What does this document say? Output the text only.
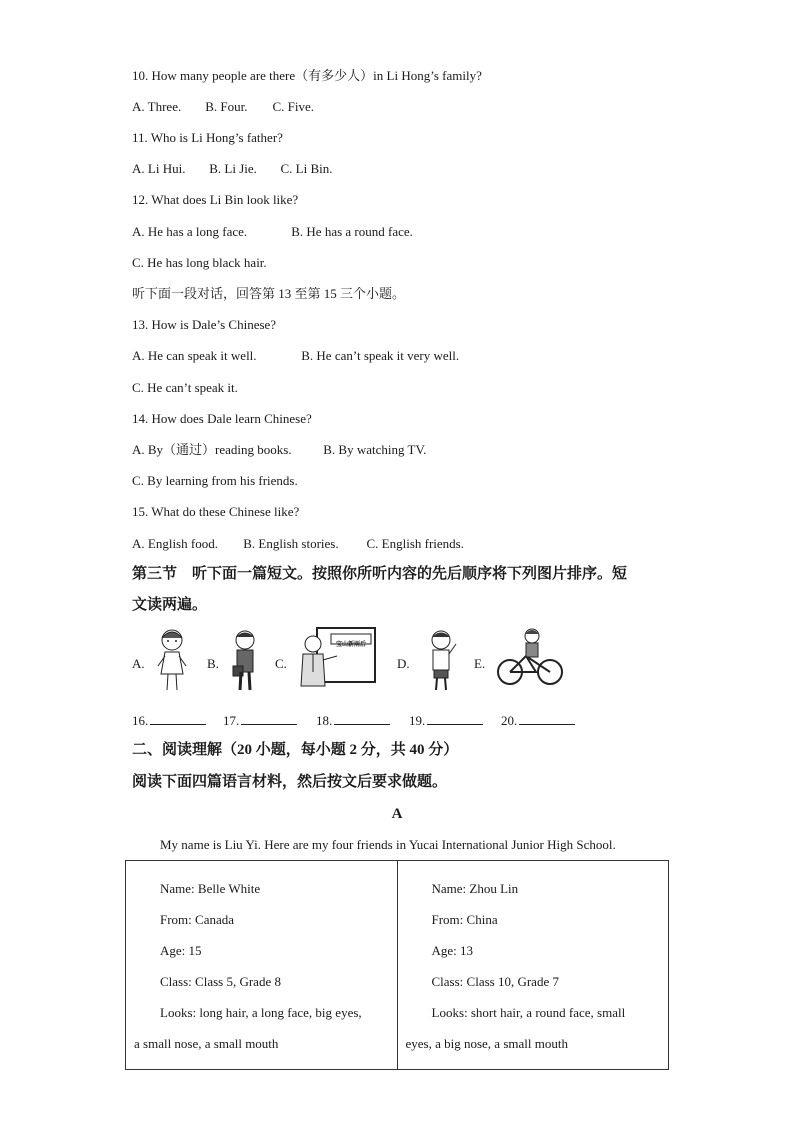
10. How many people are there（有多少人）in Li Hong’s family?
A. Three. B. Four. C. Five.
11. Who is Li Hong’s father?
A. Li Hui. B. Li Jie. C. Li Bin.
12. What does Li Bin look like?
A. He has a long face.	B. He has a round face.
C. He has long black hair.
听下面一段对话，回答第 13 至第 15 三个小题。
13. How is Dale’s Chinese?
A. He can speak it well.	B. He can’t speak it very well.
C. He can’t speak it.
14. How does Dale learn Chinese?
A. By（通过）reading books. B. By watching TV.
C. By learning from his friends.
15. What do these Chinese like?
A. English food. B. English stories. C. English friends.
第三节　听下面一篇短文。按照你所听内容的先后顺序将下列图片排序。短
文读两遍。
A.	B.	C.
宝山新雨后
D.	E.
16.	17.	18.	19.	20.
二、阅读理解（20 小题，每小题 2 分，共 40 分）
阅读下面四篇语言材料，然后按文后要求做题。
A
My name is Liu Yi. Here are my four friends in Yucai International Junior High School.
Name: Belle White
From: Canada
Age: 15
Class: Class 5, Grade 8
Looks: long hair, a long face, big eyes,
a small nose, a small mouth

Name: Zhou Lin
From: China
Age: 13
Class: Class 10, Grade 7
Looks: short hair, a round face, small
eyes, a big nose, a small mouth
